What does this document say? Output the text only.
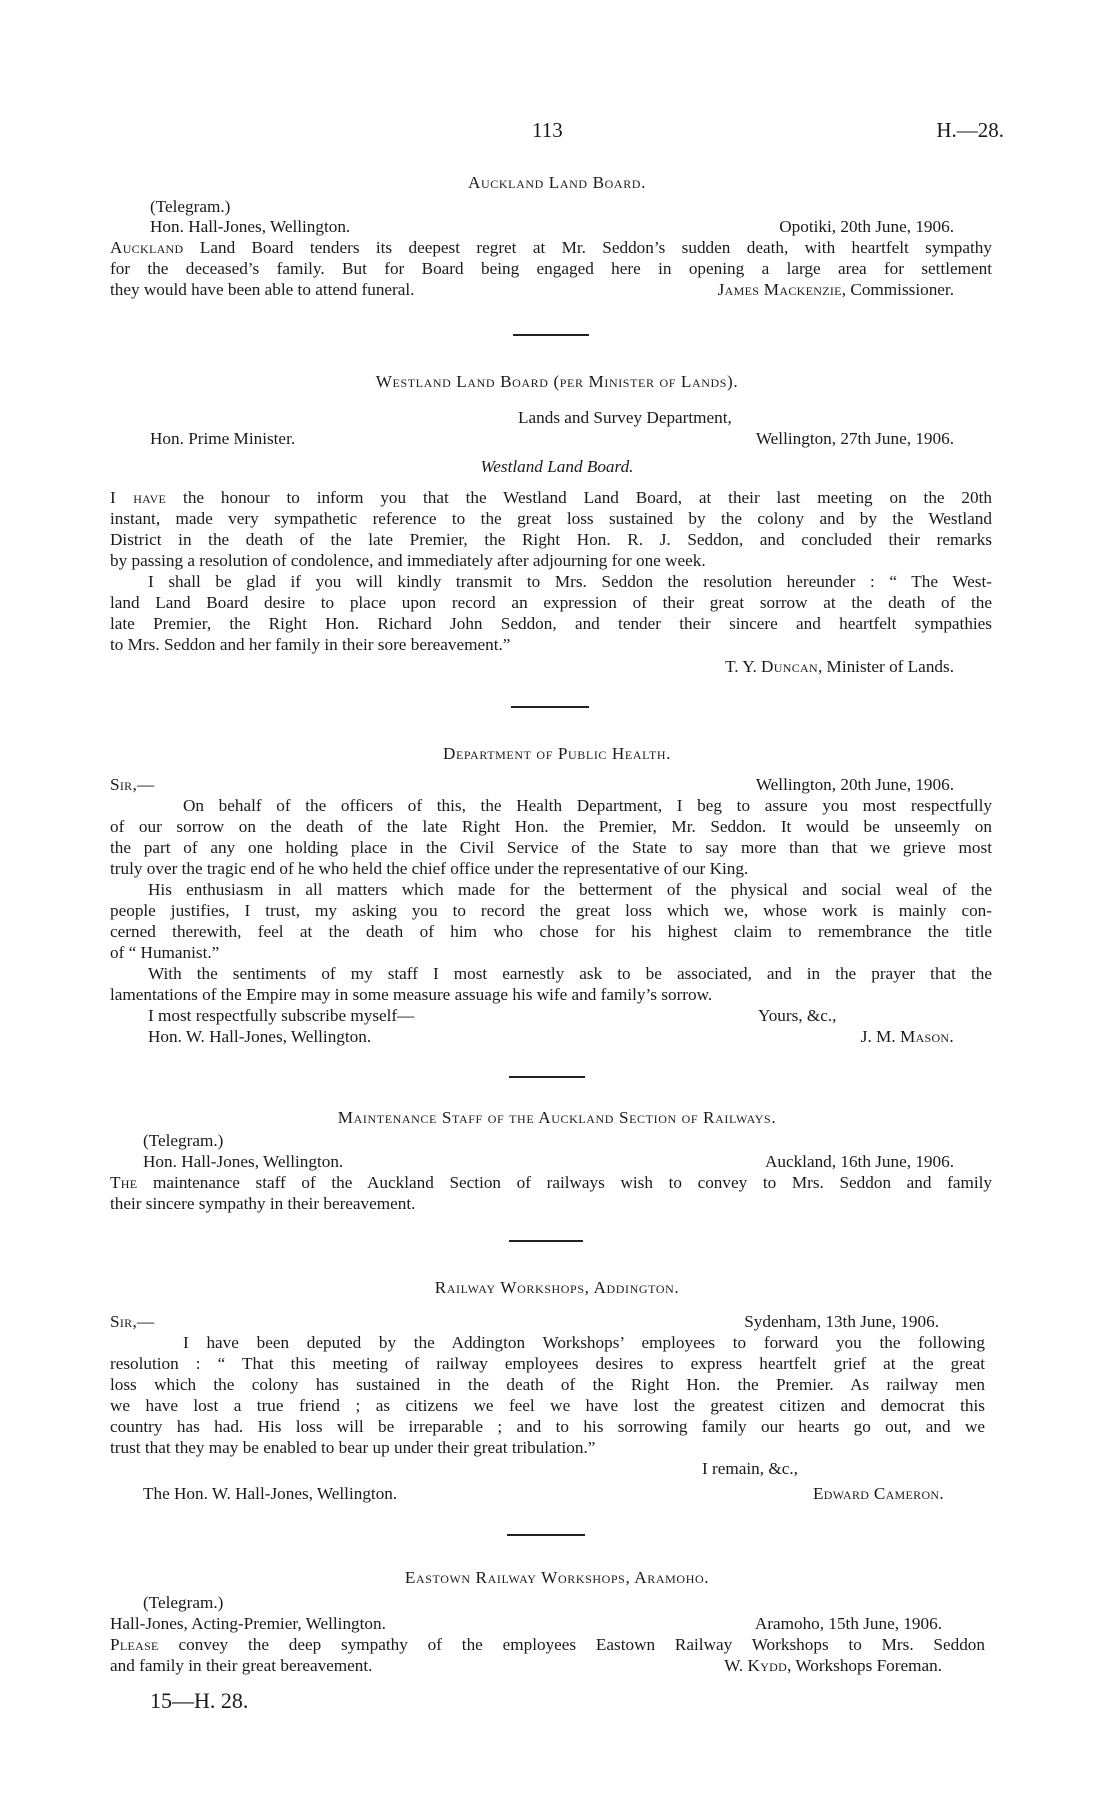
113	H.—28.
Auckland Land Board.
(Telegram.)
Hon. Hall-Jones, Wellington.	Opotiki, 20th June, 1906.
Auckland Land Board tenders its deepest regret at Mr. Seddon’s sudden death, with heartfelt sympathy
for the deceased’s family. But for Board being engaged here in opening a large area for settlement
they would have been able to attend funeral.	James Mackenzie, Commissioner.
Westland Land Board (per Minister of Lands).
Lands and Survey Department,
Hon. Prime Minister.	Wellington, 27th June, 1906.
Westland Land Board.
I have the honour to inform you that the Westland Land Board, at their last meeting on the 20th
instant, made very sympathetic reference to the great loss sustained by the colony and by the Westland
District in the death of the late Premier, the Right Hon. R. J. Seddon, and concluded their remarks
by passing a resolution of condolence, and immediately after adjourning for one week.
I shall be glad if you will kindly transmit to Mrs. Seddon the resolution hereunder : “ The West-
land Land Board desire to place upon record an expression of their great sorrow at the death of the
late Premier, the Right Hon. Richard John Seddon, and tender their sincere and heartfelt sympathies
to Mrs. Seddon and her family in their sore bereavement.”
T. Y. Duncan, Minister of Lands.
Department of Public Health.
Sir,—	Wellington, 20th June, 1906.
On behalf of the officers of this, the Health Department, I beg to assure you most respectfully
of our sorrow on the death of the late Right Hon. the Premier, Mr. Seddon. It would be unseemly on
the part of any one holding place in the Civil Service of the State to say more than that we grieve most
truly over the tragic end of he who held the chief office under the representative of our King.
His enthusiasm in all matters which made for the betterment of the physical and social weal of the
people justifies, I trust, my asking you to record the great loss which we, whose work is mainly con-
cerned therewith, feel at the death of him who chose for his highest claim to remembrance the title
of “ Humanist.”
With the sentiments of my staff I most earnestly ask to be associated, and in the prayer that the
lamentations of the Empire may in some measure assuage his wife and family’s sorrow.
I most respectfully subscribe myself—	Yours, &c.,
Hon. W. Hall-Jones, Wellington.	J. M. Mason.
Maintenance Staff of the Auckland Section of Railways.
(Telegram.)
Hon. Hall-Jones, Wellington.	Auckland, 16th June, 1906.
The maintenance staff of the Auckland Section of railways wish to convey to Mrs. Seddon and family
their sincere sympathy in their bereavement.
Railway Workshops, Addington.
Sir,—	Sydenham, 13th June, 1906.
I have been deputed by the Addington Workshops’ employees to forward you the following
resolution : “ That this meeting of railway employees desires to express heartfelt grief at the great
loss which the colony has sustained in the death of the Right Hon. the Premier. As railway men
we have lost a true friend ; as citizens we feel we have lost the greatest citizen and democrat this
country has had. His loss will be irreparable ; and to his sorrowing family our hearts go out, and we
trust that they may be enabled to bear up under their great tribulation.”
I remain, &c.,
The Hon. W. Hall-Jones, Wellington.	Edward Cameron.
Eastown Railway Workshops, Aramoho.
(Telegram.)
Hall-Jones, Acting-Premier, Wellington.	Aramoho, 15th June, 1906.
Please convey the deep sympathy of the employees Eastown Railway Workshops to Mrs. Seddon
and family in their great bereavement.	W. Kydd, Workshops Foreman.
15—H. 28.
